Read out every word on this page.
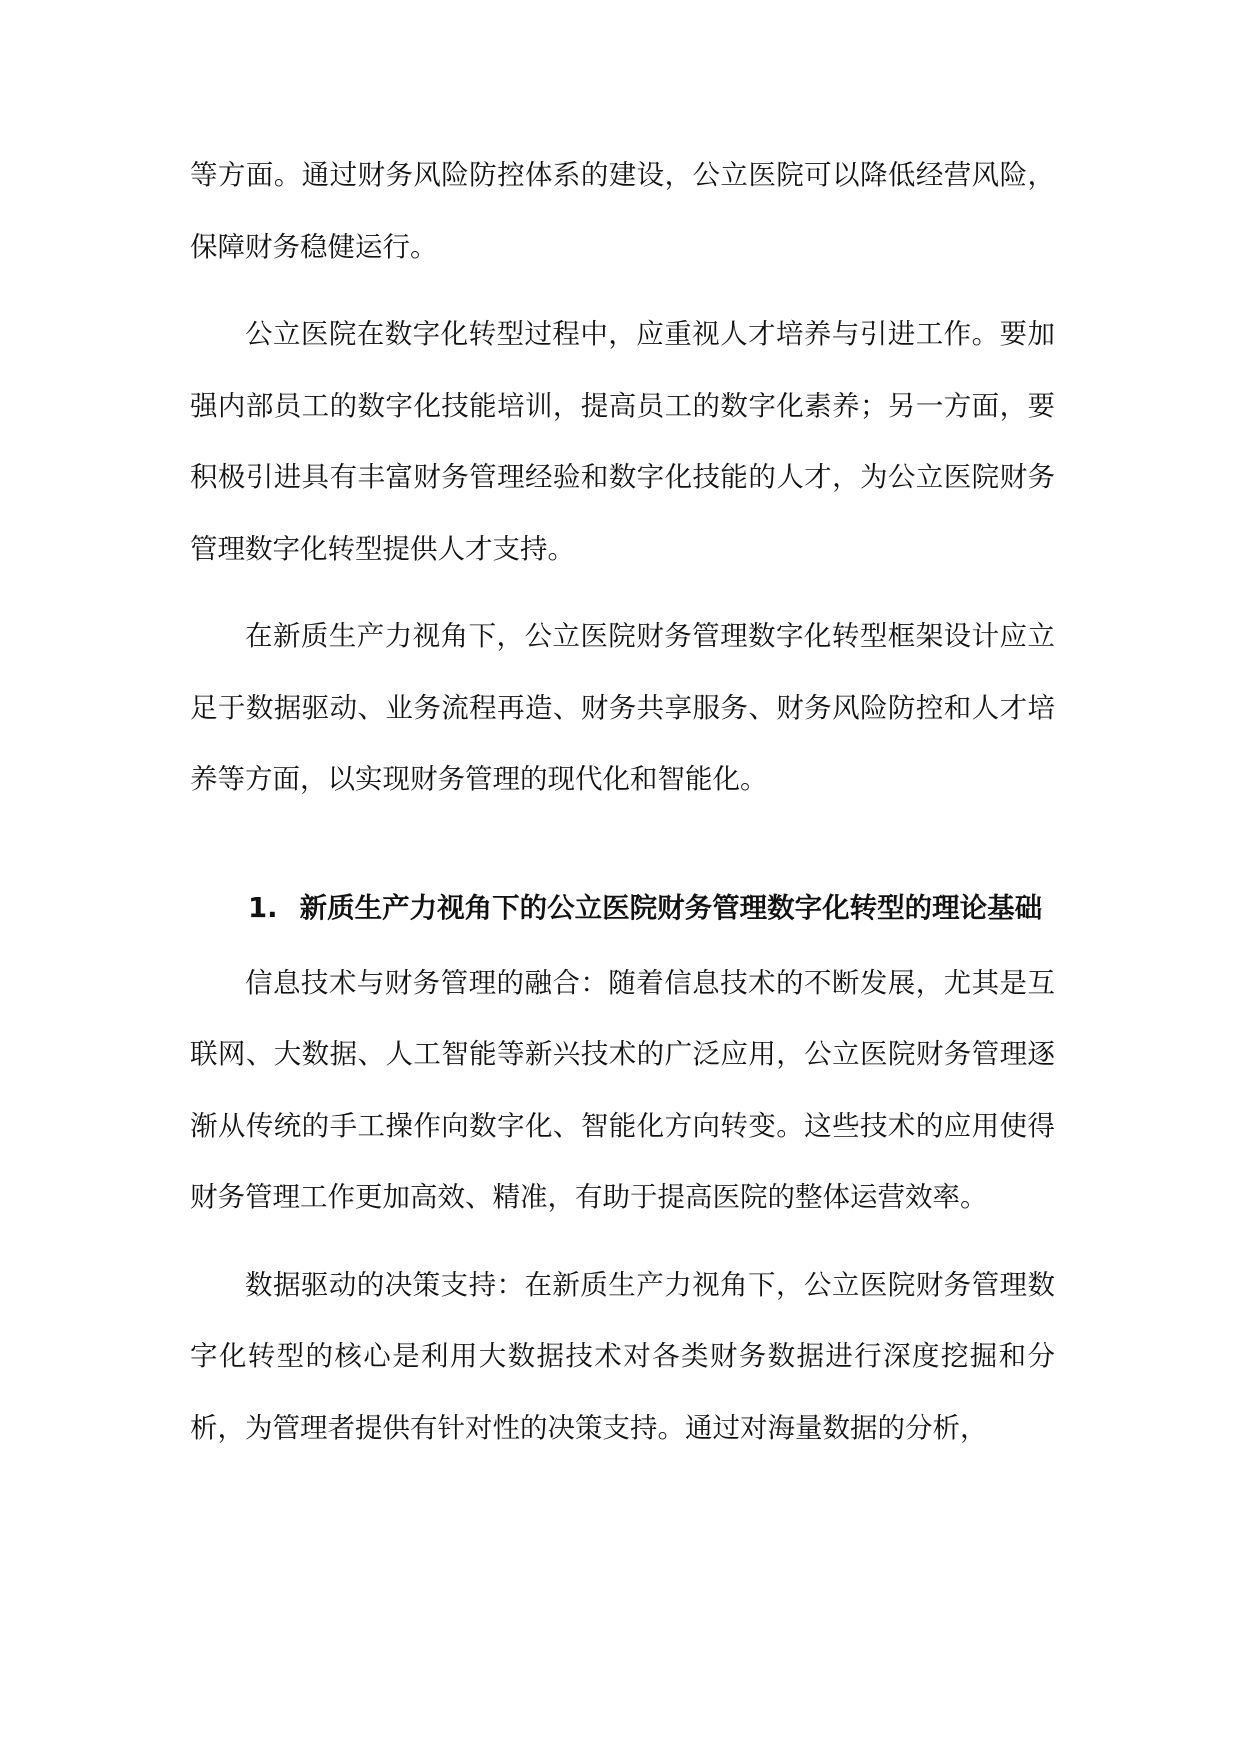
等方面。通过财务风险防控体系的建设，公立医院可以降低经营风险，保障财务稳健运行。

公立医院在数字化转型过程中，应重视人才培养与引进工作。要加强内部员工的数字化技能培训，提高员工的数字化素养；另一方面，要积极引进具有丰富财务管理经验和数字化技能的人才，为公立医院财务管理数字化转型提供人才支持。

在新质生产力视角下，公立医院财务管理数字化转型框架设计应立足于数据驱动、业务流程再造、财务共享服务、财务风险防控和人才培养等方面，以实现财务管理的现代化和智能化。

1. 新质生产力视角下的公立医院财务管理数字化转型的理论基础

信息技术与财务管理的融合：随着信息技术的不断发展，尤其是互联网、大数据、人工智能等新兴技术的广泛应用，公立医院财务管理逐渐从传统的手工操作向数字化、智能化方向转变。这些技术的应用使得财务管理工作更加高效、精准，有助于提高医院的整体运营效率。

数据驱动的决策支持：在新质生产力视角下，公立医院财务管理数字化转型的核心是利用大数据技术对各类财务数据进行深度挖掘和分析，为管理者提供有针对性的决策支持。通过对海量数据的分析，
